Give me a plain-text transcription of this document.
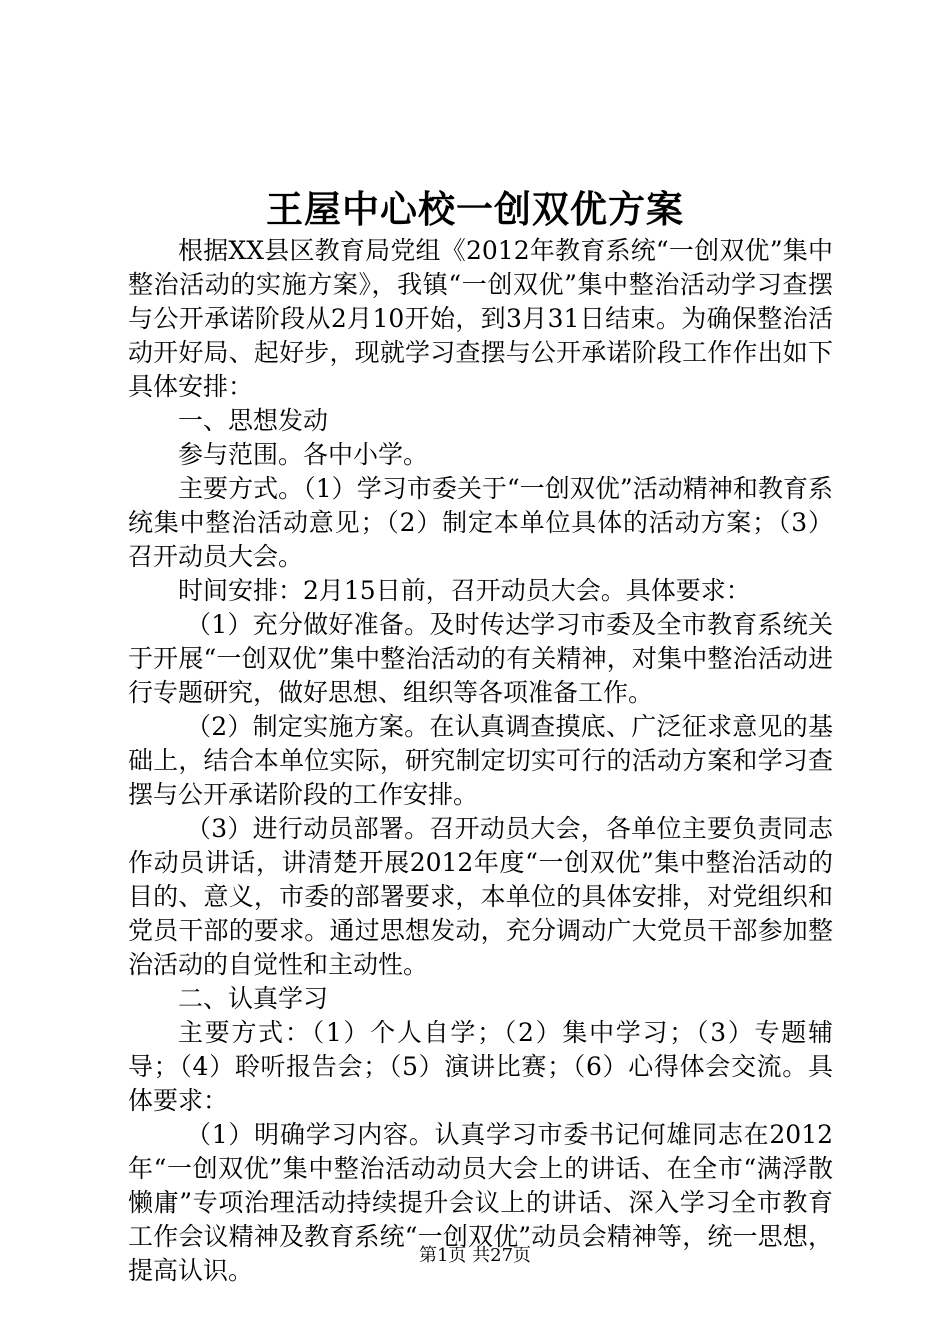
王屋中心校一创双优方案

根据XX县区教育局党组《2012年教育系统“一创双优”集中整治活动的实施方案》，我镇“一创双优”集中整治活动学习查摆与公开承诺阶段从2月10开始，到3月31日结束。为确保整治活动开好局、起好步，现就学习查摆与公开承诺阶段工作作出如下具体安排：

一、思想发动

参与范围。各中小学。

主要方式。（1）学习市委关于“一创双优”活动精神和教育系统集中整治活动意见；（2）制定本单位具体的活动方案；（3）召开动员大会。

时间安排：2月15日前，召开动员大会。具体要求：

（1）充分做好准备。及时传达学习市委及全市教育系统关于开展“一创双优”集中整治活动的有关精神，对集中整治活动进行专题研究，做好思想、组织等各项准备工作。

（2）制定实施方案。在认真调查摸底、广泛征求意见的基础上，结合本单位实际，研究制定切实可行的活动方案和学习查摆与公开承诺阶段的工作安排。

（3）进行动员部署。召开动员大会，各单位主要负责同志作动员讲话，讲清楚开展2012年度“一创双优”集中整治活动的目的、意义，市委的部署要求，本单位的具体安排，对党组织和党员干部的要求。通过思想发动，充分调动广大党员干部参加整治活动的自觉性和主动性。

二、认真学习

主要方式：（1）个人自学；（2）集中学习；（3）专题辅导；（4）聆听报告会；（5）演讲比赛；（6）心得体会交流。具体要求：

（1）明确学习内容。认真学习市委书记何雄同志在2012年“一创双优”集中整治活动动员大会上的讲话、在全市“满浮散懒庸”专项治理活动持续提升会议上的讲话、深入学习全市教育工作会议精神及教育系统“一创双优”动员会精神等，统一思想，提高认识。

第1页 共27页
